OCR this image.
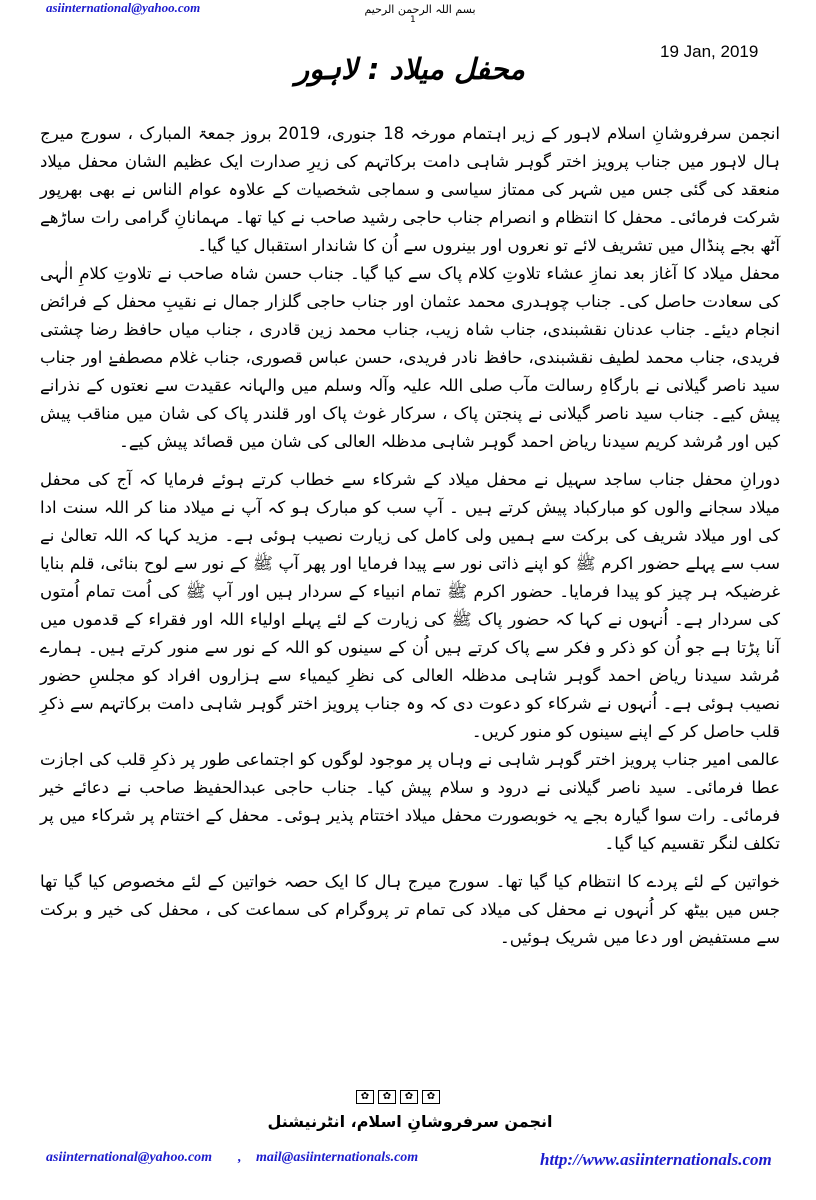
asiinternational@yahoo.com	بسم اللہ الرحمن الرحیم
1
19 Jan, 2019
محفل میلاد : لاہور

انجمن سرفروشانِ اسلام لاہور کے زیر اہتمام مورخہ 18 جنوری، 2019 بروز جمعۃ المبارک ، سورج میرج ہال لاہور میں جناب پرویز اختر گوہر شاہی دامت برکاتہم کی زیرِ صدارت ایک عظیم الشان محفل میلاد منعقد کی گئی جس میں شہر کی ممتاز سیاسی و سماجی شخصیات کے علاوہ عوام الناس نے بھی بھرپور شرکت فرمائی۔ محفل کا انتظام و انصرام جناب حاجی رشید صاحب نے کیا تھا۔ مہمانانِ گرامی رات ساڑھے آٹھ بجے پنڈال میں تشریف لائے تو نعروں اور بینروں سے اُن کا شاندار استقبال کیا گیا۔

محفل میلاد کا آغاز بعد نمازِ عشاء تلاوتِ کلام پاک سے کیا گیا۔ جناب حسن شاہ صاحب نے تلاوتِ کلامِ الٰہی کی سعادت حاصل کی۔ جناب چوہدری محمد عثمان اور جناب حاجی گلزار جمال نے نقیبِ محفل کے فرائض انجام دیئے۔ جناب عدنان نقشبندی، جناب شاہ زیب، جناب محمد زین قادری ، جناب میاں حافظ رضا چشتی فریدی، جناب محمد لطیف نقشبندی، حافظ نادر فریدی، حسن عباس قصوری، جناب غلام مصطفےٰ اور جناب سید ناصر گیلانی نے بارگاہِ رسالت مآب صلی اللہ علیہ وآلہ وسلم میں والہانہ عقیدت سے نعتوں کے نذرانے پیش کیے۔ جناب سید ناصر گیلانی نے پنجتن پاک ، سرکار غوث پاک اور قلندر پاک کی شان میں مناقب پیش کیں اور مُرشد کریم سیدنا ریاض احمد گوہر شاہی مدظلہ العالی کی شان میں قصائد پیش کیے۔

دورانِ محفل جناب ساجد سہیل نے محفل میلاد کے شرکاء سے خطاب کرتے ہوئے فرمایا کہ آج کی محفل میلاد سجانے والوں کو مبارکباد پیش کرتے ہیں ۔ آپ سب کو مبارک ہو کہ آپ نے میلاد منا کر اللہ سنت ادا کی اور میلاد شریف کی برکت سے ہمیں ولی کامل کی زیارت نصیب ہوئی ہے۔ مزید کہا کہ اللہ تعالیٰ نے سب سے پہلے حضور اکرم ﷺ کو اپنے ذاتی نور سے پیدا فرمایا اور پھر آپ ﷺ کے نور سے لوح بنائی، قلم بنایا غرضیکہ ہر چیز کو پیدا فرمایا۔ حضور اکرم ﷺ تمام انبیاء کے سردار ہیں اور آپ ﷺ کی اُمت تمام اُمتوں کی سردار ہے۔ اُنہوں نے کہا کہ حضور پاک ﷺ کی زیارت کے لئے پہلے اولیاء اللہ اور فقراء کے قدموں میں آنا پڑتا ہے جو اُن کو ذکر و فکر سے پاک کرتے ہیں اُن کے سینوں کو اللہ کے نور سے منور کرتے ہیں۔ ہمارے مُرشد سیدنا ریاض احمد گوہر شاہی مدظلہ العالی کی نظرِ کیمیاء سے ہزاروں افراد کو مجلسِ حضور نصیب ہوئی ہے۔ اُنہوں نے شرکاء کو دعوت دی کہ وہ جناب پرویز اختر گوہر شاہی دامت برکاتہم سے ذکرِ قلب حاصل کر کے اپنے سینوں کو منور کریں۔

عالمی امیر جناب پرویز اختر گوہر شاہی نے وہاں پر موجود لوگوں کو اجتماعی طور پر ذکرِ قلب کی اجازت عطا فرمائی۔ سید ناصر گیلانی نے درود و سلام پیش کیا۔ جناب حاجی عبدالحفیظ صاحب نے دعائے خیر فرمائی۔ رات سوا گیارہ بجے یہ خوبصورت محفل میلاد اختتام پذیر ہوئی۔ محفل کے اختتام پر شرکاء میں پر تکلف لنگر تقسیم کیا گیا۔

خواتین کے لئے پردے کا انتظام کیا گیا تھا۔ سورج میرج ہال کا ایک حصہ خواتین کے لئے مخصوص کیا گیا تھا جس میں بیٹھ کر اُنہوں نے محفل کی میلاد کی تمام تر پروگرام کی سماعت کی ، محفل کی خیر و برکت سے مستفیض اور دعا میں شریک ہوئیں۔

✿	✿	✿	✿
انجمن سرفروشانِ اسلام، انٹرنیشنل
asiinternational@yahoo.com , mail@asiinternationals.com	http://www.asiinternationals.com
